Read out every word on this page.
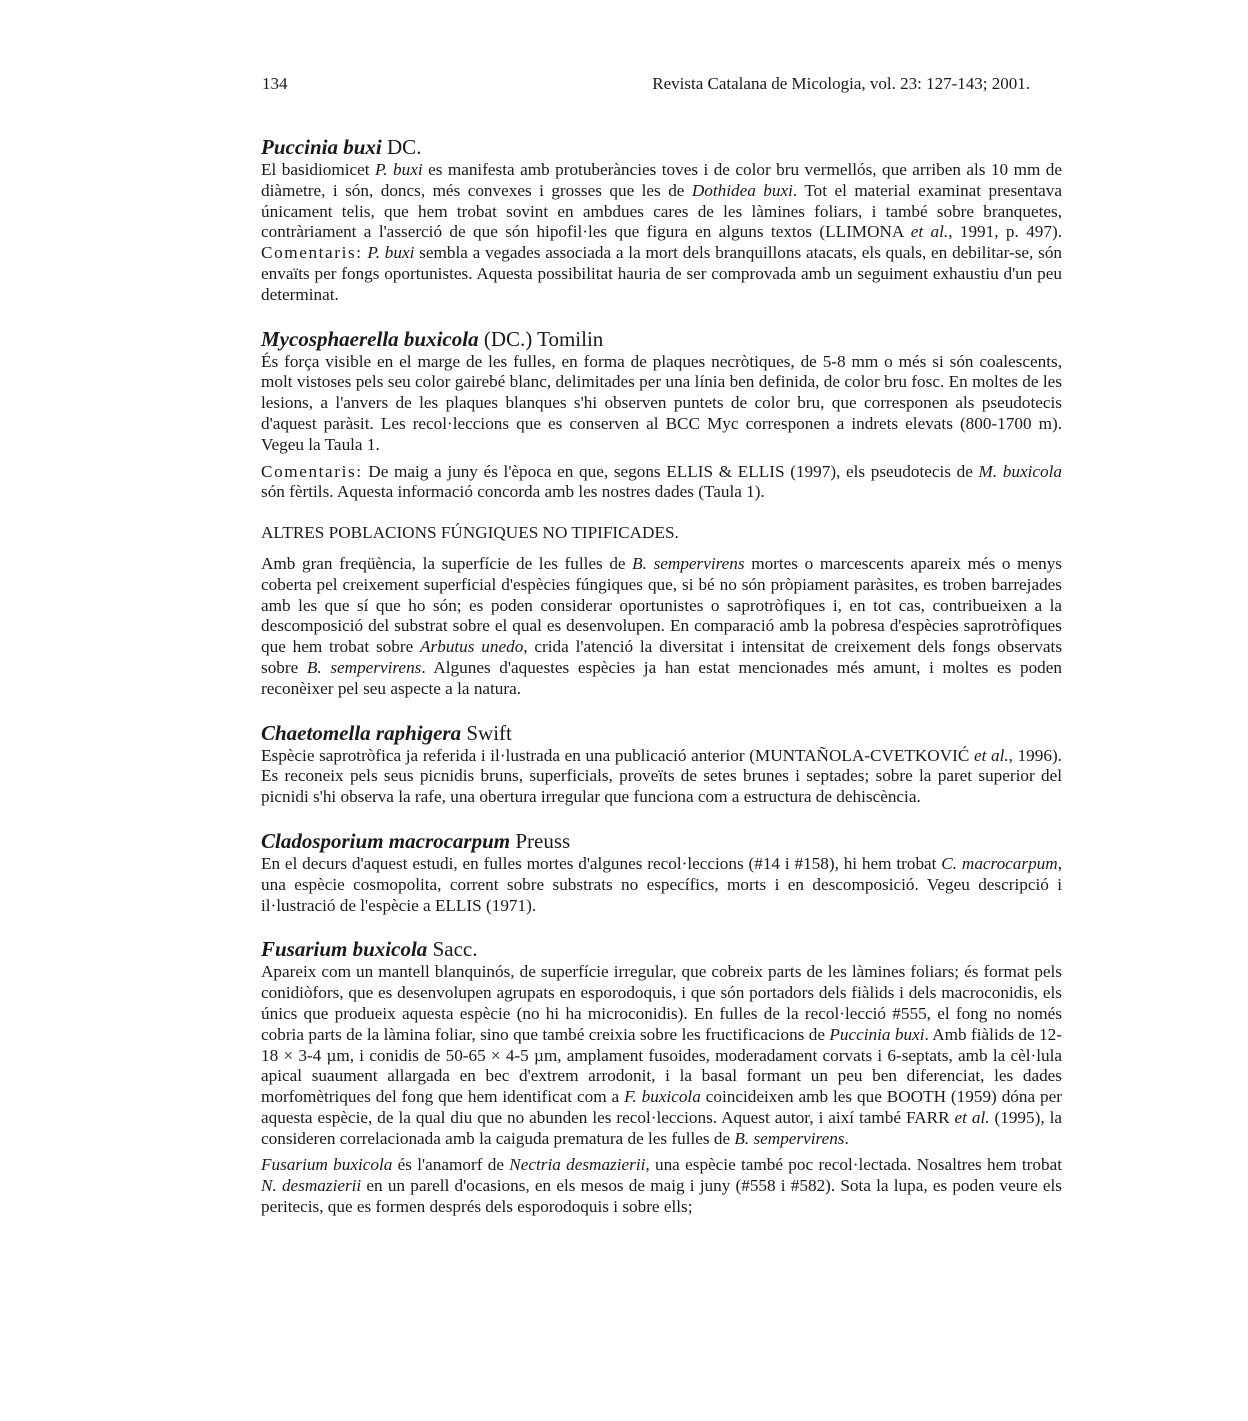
134	Revista Catalana de Micologia, vol. 23: 127-143; 2001.
Puccinia buxi DC.

El basidiomicet P. buxi es manifesta amb protuberàncies toves i de color bru vermellós, que arriben als 10 mm de diàmetre, i són, doncs, més convexes i grosses que les de Dothidea buxi. Tot el material examinat presentava únicament telis, que hem trobat sovint en ambdues cares de les làmines foliars, i també sobre branquetes, contràriament a l'asserció de que són hipofil·les que figura en alguns textos (LLIMONA et al., 1991, p. 497). Comentaris: P. buxi sembla a vegades associada a la mort dels branquillons atacats, els quals, en debilitar-se, són envaïts per fongs oportunistes. Aquesta possibilitat hauria de ser comprovada amb un seguiment exhaustiu d'un peu determinat.

Mycosphaerella buxicola (DC.) Tomilin

És força visible en el marge de les fulles, en forma de plaques necròtiques, de 5-8 mm o més si són coalescents, molt vistoses pels seu color gairebé blanc, delimitades per una línia ben definida, de color bru fosc. En moltes de les lesions, a l'anvers de les plaques blanques s'hi observen puntets de color bru, que corresponen als pseudotecis d'aquest paràsit. Les recol·leccions que es conserven al BCC Myc corresponen a indrets elevats (800-1700 m). Vegeu la Taula 1.

Comentaris: De maig a juny és l'època en que, segons ELLIS & ELLIS (1997), els pseudotecis de M. buxicola són fèrtils. Aquesta informació concorda amb les nostres dades (Taula 1).

ALTRES POBLACIONS FÚNGIQUES NO TIPIFICADES.

Amb gran freqüència, la superfície de les fulles de B. sempervirens mortes o marcescents apareix més o menys coberta pel creixement superficial d'espècies fúngiques que, si bé no són pròpiament paràsites, es troben barrejades amb les que sí que ho són; es poden considerar oportunistes o saprotròfiques i, en tot cas, contribueixen a la descomposició del substrat sobre el qual es desenvolupen. En comparació amb la pobresa d'espècies saprotròfiques que hem trobat sobre Arbutus unedo, crida l'atenció la diversitat i intensitat de creixement dels fongs observats sobre B. sempervirens. Algunes d'aquestes espècies ja han estat mencionades més amunt, i moltes es poden reconèixer pel seu aspecte a la natura.

Chaetomella raphigera Swift

Espècie saprotròfica ja referida i il·lustrada en una publicació anterior (MUNTAÑOLA-CVETKOVIĆ et al., 1996). Es reconeix pels seus picnidis bruns, superficials, proveïts de setes brunes i septades; sobre la paret superior del picnidi s'hi observa la rafe, una obertura irregular que funciona com a estructura de dehiscència.

Cladosporium macrocarpum Preuss

En el decurs d'aquest estudi, en fulles mortes d'algunes recol·leccions (#14 i #158), hi hem trobat C. macrocarpum, una espècie cosmopolita, corrent sobre substrats no específics, morts i en descomposició. Vegeu descripció i il·lustració de l'espècie a ELLIS (1971).

Fusarium buxicola Sacc.

Apareix com un mantell blanquinós, de superfície irregular, que cobreix parts de les làmines foliars; és format pels conidiòfors, que es desenvolupen agrupats en esporodoquis, i que són portadors dels fiàlids i dels macroconidis, els únics que produeix aquesta espècie (no hi ha microconidis). En fulles de la recol·lecció #555, el fong no només cobria parts de la làmina foliar, sino que també creixia sobre les fructificacions de Puccinia buxi. Amb fiàlids de 12-18 × 3-4 µm, i conidis de 50-65 × 4-5 µm, amplament fusoides, moderadament corvats i 6-septats, amb la cèl·lula apical suaument allargada en bec d'extrem arrodonit, i la basal formant un peu ben diferenciat, les dades morfomètriques del fong que hem identificat com a F. buxicola coincideixen amb les que BOOTH (1959) dóna per aquesta espècie, de la qual diu que no abunden les recol·leccions. Aquest autor, i així també FARR et al. (1995), la consideren correlacionada amb la caiguda prematura de les fulles de B. sempervirens.

Fusarium buxicola és l'anamorf de Nectria desmazierii, una espècie també poc recol·lectada. Nosaltres hem trobat N. desmazierii en un parell d'ocasions, en els mesos de maig i juny (#558 i #582). Sota la lupa, es poden veure els peritecis, que es formen després dels esporodoquis i sobre ells;
